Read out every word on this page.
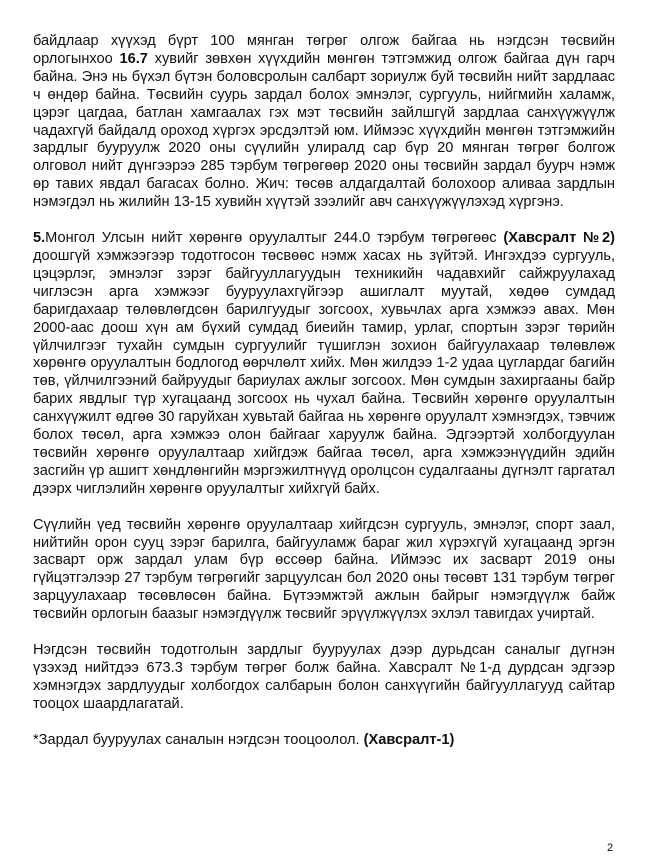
байдлаар хүүхэд бүрт 100 мянган төгрөг олгож байгаа нь нэгдсэн төсвийн орлогынхоо 16.7 хувийг зөвхөн хүүхдийн мөнгөн тэтгэмжид олгож байгаа дүн гарч байна. Энэ нь бүхэл бүтэн боловсролын салбарт зориулж буй төсвийн нийт зардлаас ч өндөр байна. Төсвийн суурь зардал болох эмнэлэг, сургууль, нийгмийн халамж, цэрэг цагдаа, батлан хамгаалах гэх мэт төсвийн зайлшгүй зардлаа санхүүжүүлж чадахгүй байдалд ороход хүргэх эрсдэлтэй юм. Иймээс хүүхдийн мөнгөн тэтгэмжийн зардлыг бууруулж 2020 оны сүүлийн улиралд сар бүр 20 мянган төгрөг болгож олговол нийт дүнгээрээ 285 тэрбум төгрөгөөр 2020 оны төсвийн зардал буурч нэмж өр тавих явдал багасах болно. Жич: төсөв алдагдалтай болохоор аливаа зардлын нэмэгдэл нь жилийн 13-15 хувийн хүүтэй зээлийг авч санхүүжүүлэхэд хүргэнэ.

5.Монгол Улсын нийт хөрөнгө оруулалтыг 244.0 тэрбум төгрөгөөс (Хавсралт №2) доошгүй хэмжээгээр тодотгосон төсвөөс нэмж хасах нь зүйтэй. Ингэхдээ сургууль, цэцэрлэг, эмнэлэг зэрэг байгууллагуудын техникийн чадавхийг сайжруулахад чиглэсэн арга хэмжээг бууруулахгүйгээр ашиглалт муутай, хөдөө сумдад баригдахаар төлөвлөгдсөн барилгуудыг зогсоох, хувьчлах арга хэмжээ авах. Мөн 2000-аас доош хүн ам бүхий сумдад биеийн тамир, урлаг, спортын зэрэг төрийн үйлчилгээг тухайн сумдын сургуулийг түшиглэн зохион байгуулахаар төлөвлөж хөрөнгө оруулалтын бодлогод өөрчлөлт хийх. Мөн жилдээ 1-2 удаа цуглардаг багийн төв, үйлчилгээний байруудыг бариулах ажлыг зогсоох. Мөн сумдын захиргааны байр барих явдлыг түр хугацаанд зогсоох нь чухал байна. Төсвийн хөрөнгө оруулалтын санхүүжилт өдгөө 30 гаруйхан хувьтай байгаа нь хөрөнгө оруулалт хэмнэгдэх, тэвчиж болох төсөл, арга хэмжээ олон байгааг харуулж байна. Эдгээртэй холбогдуулан төсвийн хөрөнгө оруулалтаар хийгдэж байгаа төсөл, арга хэмжээнүүдийн эдийн засгийн үр ашигт хөндлөнгийн мэргэжилтнүүд оролцсон судалгааны дүгнэлт гаргатал дээрх чиглэлийн хөрөнгө оруулалтыг хийхгүй байх.

Сүүлийн үед төсвийн хөрөнгө оруулалтаар хийгдсэн сургууль, эмнэлэг, спорт заал, нийтийн орон сууц зэрэг барилга, байгууламж бараг жил хүрэхгүй хугацаанд эргэн засварт орж зардал улам бүр өссөөр байна. Иймээс их засварт 2019 оны гүйцэтгэлээр 27 тэрбум төгрөгийг зарцуулсан бол 2020 оны төсөвт 131 тэрбум төгрөг зарцуулахаар төсөвлөсөн байна. Бүтээмжтэй ажлын байрыг нэмэгдүүлж байж төсвийн орлогын баазыг нэмэгдүүлж төсвийг эрүүлжүүлэх эхлэл тавигдах учиртай.

Нэгдсэн төсвийн тодотголын зардлыг бууруулах дээр дурьдсан саналыг дүгнэн үзэхэд нийтдээ 673.3 тэрбум төгрөг болж байна. Хавсралт №1-д дурдсан эдгээр хэмнэгдэх зардлуудыг холбогдох салбарын болон санхүүгийн байгууллагууд сайтар тооцох шаардлагатай.

*Зардал бууруулах саналын нэгдсэн тооцоолол. (Хавсралт-1)

2
